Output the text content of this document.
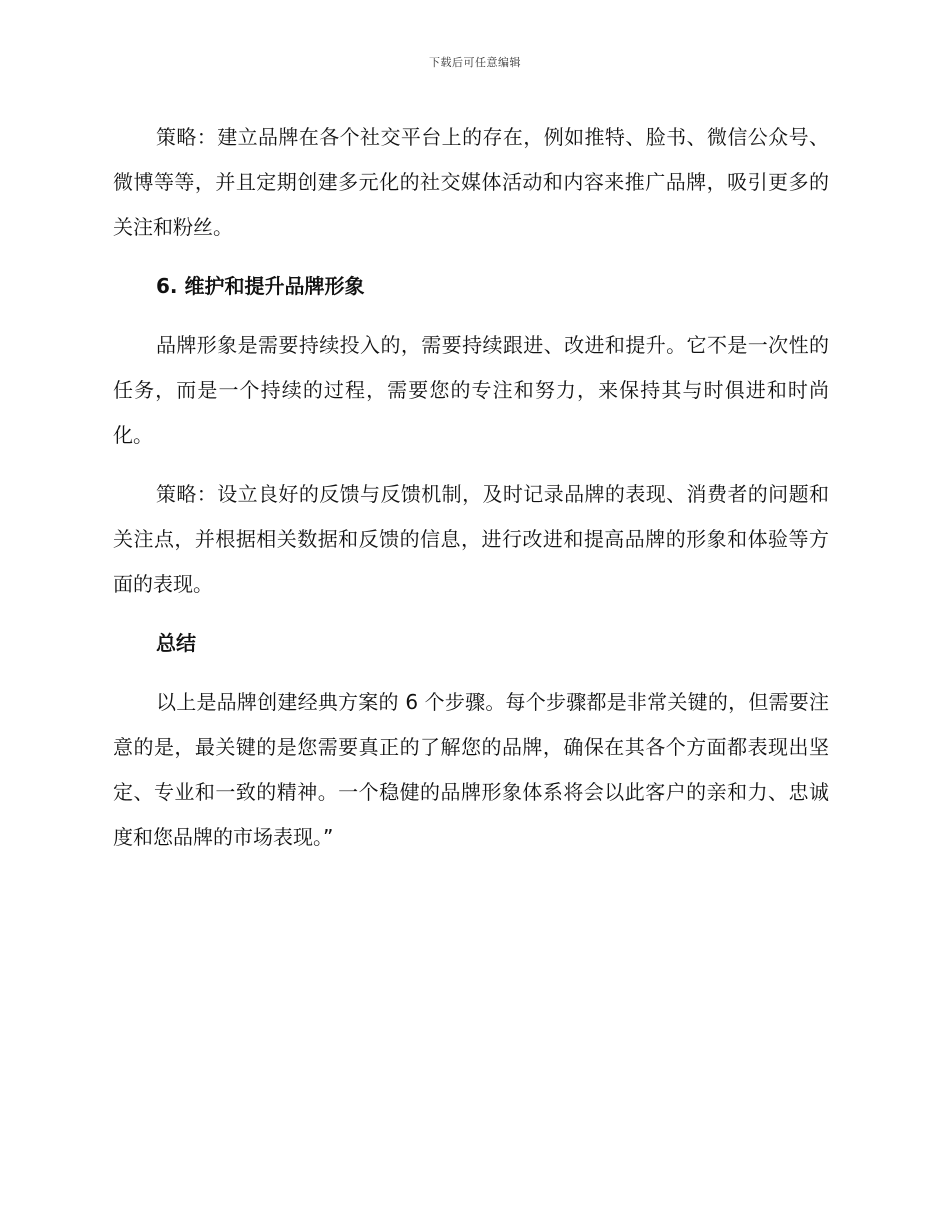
下载后可任意编辑

策略：建立品牌在各个社交平台上的存在，例如推特、脸书、微信公众号、微博等等，并且定期创建多元化的社交媒体活动和内容来推广品牌，吸引更多的关注和粉丝。

6. 维护和提升品牌形象

品牌形象是需要持续投入的，需要持续跟进、改进和提升。它不是一次性的任务，而是一个持续的过程，需要您的专注和努力，来保持其与时俱进和时尚化。

策略：设立良好的反馈与反馈机制，及时记录品牌的表现、消费者的问题和关注点，并根据相关数据和反馈的信息，进行改进和提高品牌的形象和体验等方面的表现。

总结

以上是品牌创建经典方案的 6 个步骤。每个步骤都是非常关键的，但需要注意的是，最关键的是您需要真正的了解您的品牌，确保在其各个方面都表现出坚定、专业和一致的精神。一个稳健的品牌形象体系将会以此客户的亲和力、忠诚度和您品牌的市场表现。”
